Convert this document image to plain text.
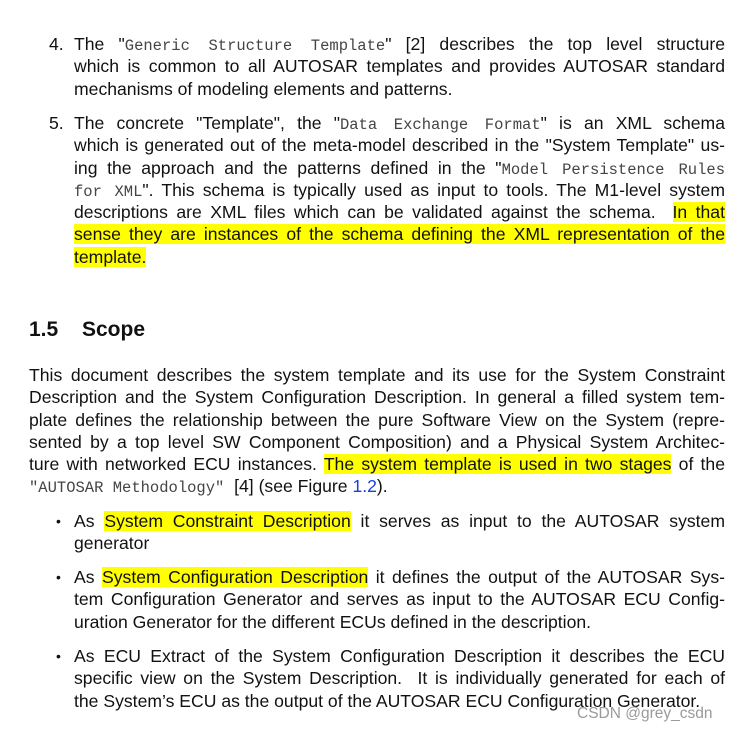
4. The "Generic Structure Template" [2] describes the top level structure
which is common to all AUTOSAR templates and provides AUTOSAR standard
mechanisms of modeling elements and patterns.
5. The concrete "Template", the "Data Exchange Format" is an XML schema
which is generated out of the meta-model described in the "System Template" us-
ing the approach and the patterns defined in the "Model Persistence Rules
for XML". This schema is typically used as input to tools. The M1-level system
descriptions are XML files which can be validated against the schema.  In that
sense they are instances of the schema defining the XML representation of the
template.
1.5 Scope
This document describes the system template and its use for the System Constraint
Description and the System Configuration Description. In general a filled system tem-
plate defines the relationship between the pure Software View on the System (repre-
sented by a top level SW Component Composition) and a Physical System Architec-
ture with networked ECU instances. The system template is used in two stages of the
"AUTOSAR Methodology"  [4] (see Figure 1.2).
• As System Constraint Description it serves as input to the AUTOSAR system
generator
• As System Configuration Description it defines the output of the AUTOSAR Sys-
tem Configuration Generator and serves as input to the AUTOSAR ECU Config-
uration Generator for the different ECUs defined in the description.
• As ECU Extract of the System Configuration Description it describes the ECU
specific view on the System Description.  It is individually generated for each of
the System’s ECU as the output of the AUTOSAR ECU Configuration Generator.
CSDN @grey_csdn
